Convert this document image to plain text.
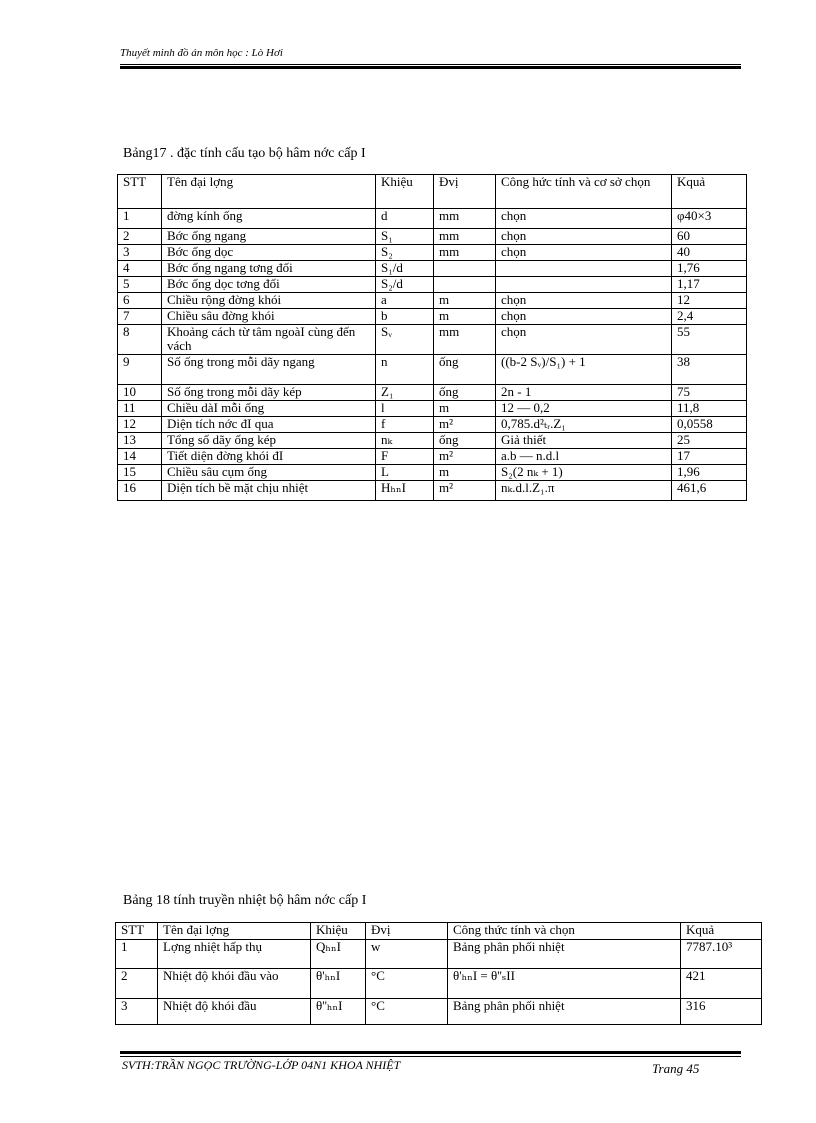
Thuyết minh đồ án môn học : Lò Hơi
Bảng17 . đặc tính cấu tạo bộ hâm nớc cấp I
STT	Tên đại lợng	Khiệu	Đvị	Công hức tính và cơ sở chọn	Kquả
1	đờng kính ống	d	mm	chọn	φ40×3
2	Bớc ống ngang	S₁	mm	chọn	60
3	Bớc ống dọc	S₂	mm	chọn	40
4	Bớc ống ngang tơng đối	S₁/d			1,76
5	Bớc ống dọc tơng đối	S₂/d			1,17
6	Chiều rộng đờng khói	a	m	chọn	12
7	Chiều sâu đờng khói	b	m	chọn	2,4
8	Khoảng cách từ tâm ngoàI cùng đến vách	Sᵥ	mm	chọn	55
9	Số ống trong mỗi dãy ngang	n	ống	((b-2 Sᵥ)/S₁) + 1	38
10	Số ống trong mỗi dãy kép	Z₁	ống	2n - 1	75
11	Chiều dàI mỗi ống	l	m	12 — 0,2	11,8
12	Diện tích nớc đI qua	f	m²	0,785.d²ₜᵣ.Z₁	0,0558
13	Tổng số dãy ống kép	nₖ	ống	Giả thiết	25
14	Tiết diện đờng khói đI	F	m²	a.b — n.d.l	17
15	Chiều sâu cụm ống	L	m	S₂(2 nₖ + 1)	1,96
16	Diện tích bề mặt chịu nhiệt	HₕₙI	m²	nₖ.d.l.Z₁.π	461,6
Bảng 18 tính truyền nhiệt bộ hâm nớc cấp I
STT	Tên đại lợng	Khiệu	Đvị	Công thức tính và chọn	Kquả
1	Lợng nhiệt hấp thụ	QₕₙI	w	Bảng phân phối nhiệt	7787.10³
2	Nhiệt độ khói đầu vào	θ'ₕₙI	°C	θ'ₕₙI = θ''ₛII	421
3	Nhiệt độ khói đầu	θ''ₕₙI	°C	Bảng phân phối nhiệt	316
SVTH:TRẦN NGỌC TRƯỜNG-LỚP 04N1 KHOA NHIỆT	Trang 45
